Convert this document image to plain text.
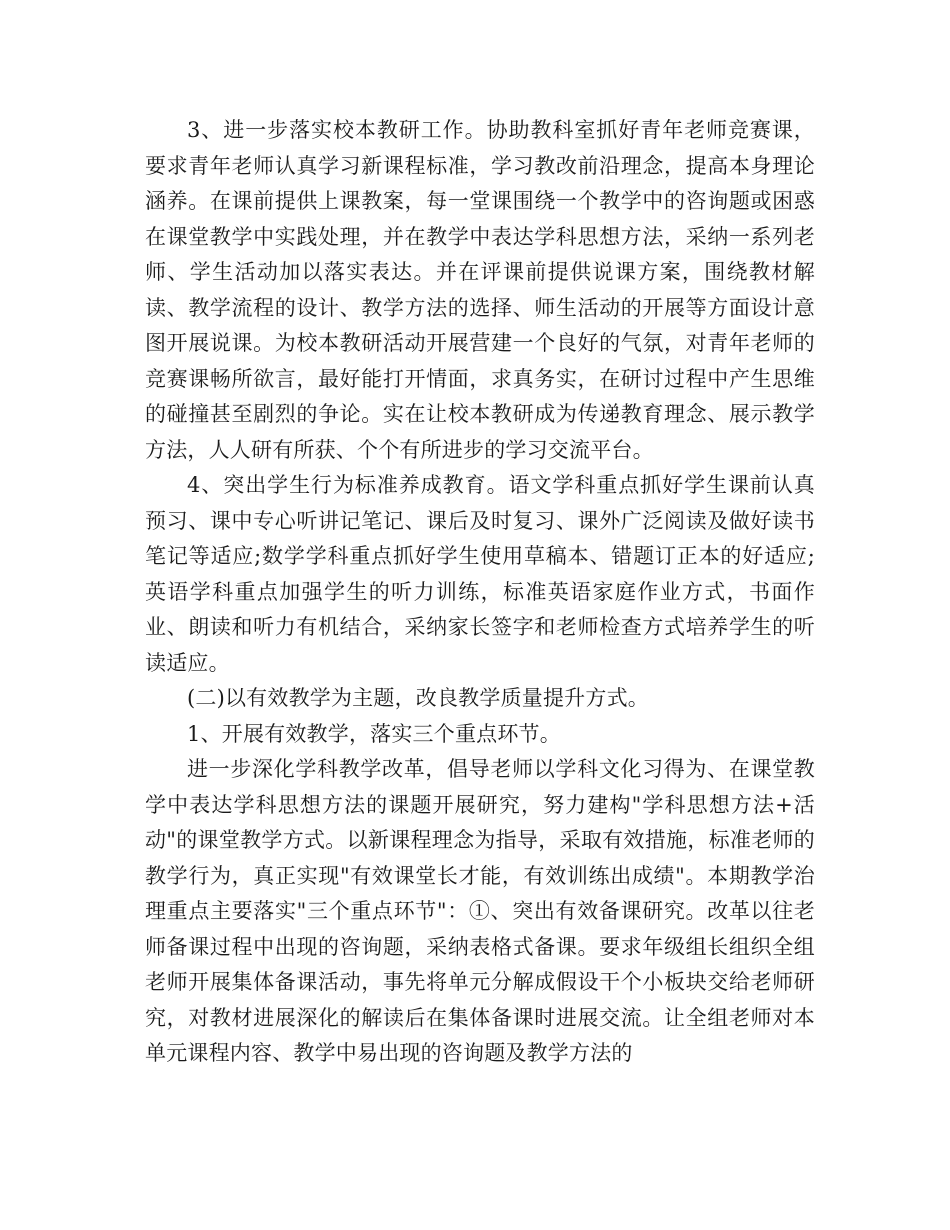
3、进一步落实校本教研工作。协助教科室抓好青年老师竞赛课，要求青年老师认真学习新课程标准，学习教改前沿理念，提高本身理论涵养。在课前提供上课教案，每一堂课围绕一个教学中的咨询题或困惑在课堂教学中实践处理，并在教学中表达学科思想方法，采纳一系列老师、学生活动加以落实表达。并在评课前提供说课方案，围绕教材解读、教学流程的设计、教学方法的选择、师生活动的开展等方面设计意图开展说课。为校本教研活动开展营建一个良好的气氛，对青年老师的竞赛课畅所欲言，最好能打开情面，求真务实，在研讨过程中产生思维的碰撞甚至剧烈的争论。实在让校本教研成为传递教育理念、展示教学方法，人人研有所获、个个有所进步的学习交流平台。

4、突出学生行为标准养成教育。语文学科重点抓好学生课前认真预习、课中专心听讲记笔记、课后及时复习、课外广泛阅读及做好读书笔记等适应;数学学科重点抓好学生使用草稿本、错题订正本的好适应;英语学科重点加强学生的听力训练，标准英语家庭作业方式，书面作业、朗读和听力有机结合，采纳家长签字和老师检查方式培养学生的听读适应。

(二)以有效教学为主题，改良教学质量提升方式。

1、开展有效教学，落实三个重点环节。

进一步深化学科教学改革，倡导老师以学科文化习得为、在课堂教学中表达学科思想方法的课题开展研究，努力建构"学科思想方法+活动"的课堂教学方式。以新课程理念为指导，采取有效措施，标准老师的教学行为，真正实现"有效课堂长才能，有效训练出成绩"。本期教学治理重点主要落实"三个重点环节"：①、突出有效备课研究。改革以往老师备课过程中出现的咨询题，采纳表格式备课。要求年级组长组织全组老师开展集体备课活动，事先将单元分解成假设干个小板块交给老师研究，对教材进展深化的解读后在集体备课时进展交流。让全组老师对本单元课程内容、教学中易出现的咨询题及教学方法的
